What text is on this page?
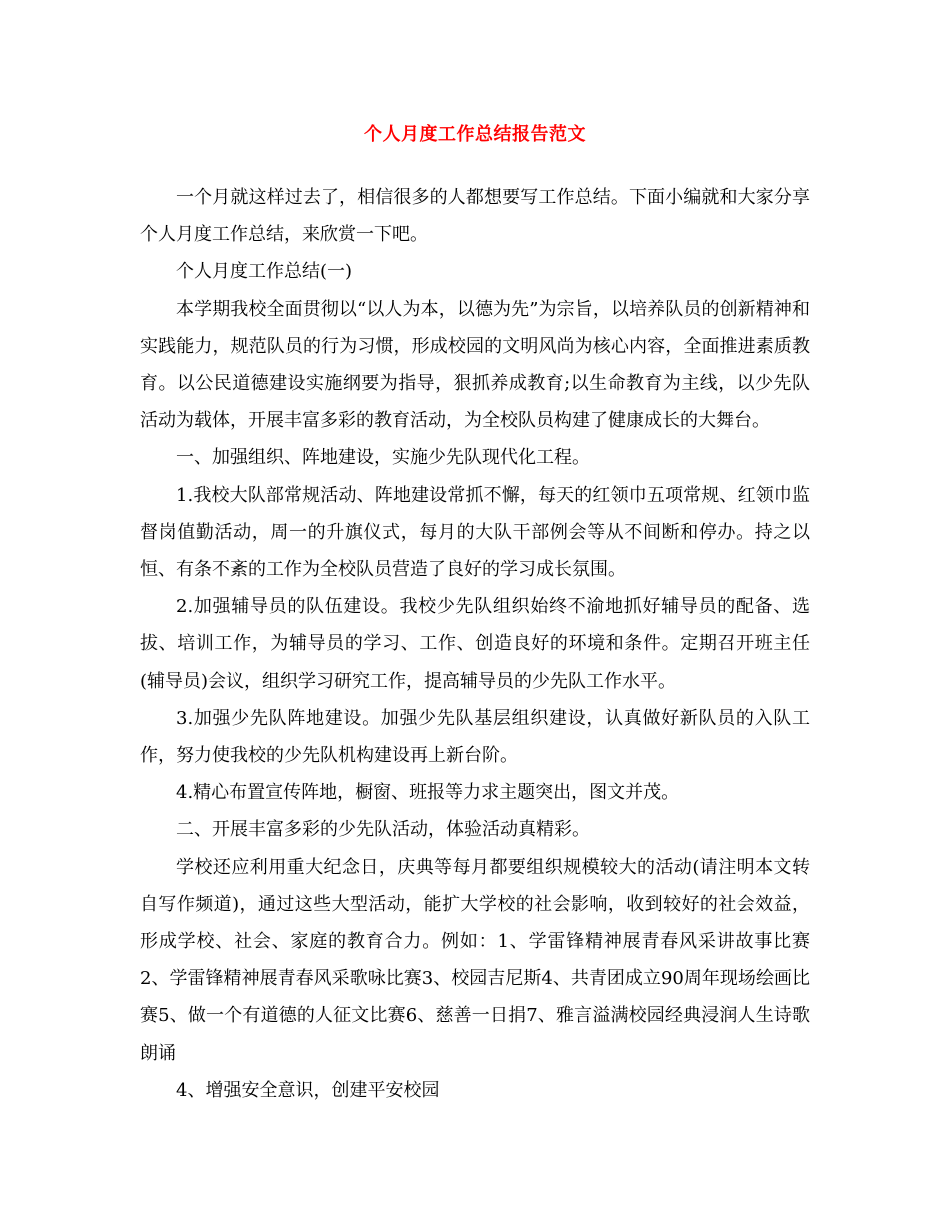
个人月度工作总结报告范文

一个月就这样过去了，相信很多的人都想要写工作总结。下面小编就和大家分享个人月度工作总结，来欣赏一下吧。

个人月度工作总结(一)

本学期我校全面贯彻以“以人为本，以德为先”为宗旨，以培养队员的创新精神和实践能力，规范队员的行为习惯，形成校园的文明风尚为核心内容，全面推进素质教育。以公民道德建设实施纲要为指导，狠抓养成教育;以生命教育为主线，以少先队活动为载体，开展丰富多彩的教育活动，为全校队员构建了健康成长的大舞台。

一、加强组织、阵地建设，实施少先队现代化工程。

1.我校大队部常规活动、阵地建设常抓不懈，每天的红领巾五项常规、红领巾监督岗值勤活动，周一的升旗仪式，每月的大队干部例会等从不间断和停办。持之以恒、有条不紊的工作为全校队员营造了良好的学习成长氛围。

2.加强辅导员的队伍建设。我校少先队组织始终不渝地抓好辅导员的配备、选拔、培训工作，为辅导员的学习、工作、创造良好的环境和条件。定期召开班主任(辅导员)会议，组织学习研究工作，提高辅导员的少先队工作水平。

3.加强少先队阵地建设。加强少先队基层组织建设，认真做好新队员的入队工作，努力使我校的少先队机构建设再上新台阶。

4.精心布置宣传阵地，橱窗、班报等力求主题突出，图文并茂。

二、开展丰富多彩的少先队活动，体验活动真精彩。

学校还应利用重大纪念日，庆典等每月都要组织规模较大的活动(请注明本文转自写作频道)，通过这些大型活动，能扩大学校的社会影响，收到较好的社会效益，形成学校、社会、家庭的教育合力。例如：1、学雷锋精神展青春风采讲故事比赛2、学雷锋精神展青春风采歌咏比赛3、校园吉尼斯4、共青团成立90周年现场绘画比赛5、做一个有道德的人征文比赛6、慈善一日捐7、雅言溢满校园经典浸润人生诗歌朗诵

4、增强安全意识，创建平安校园
